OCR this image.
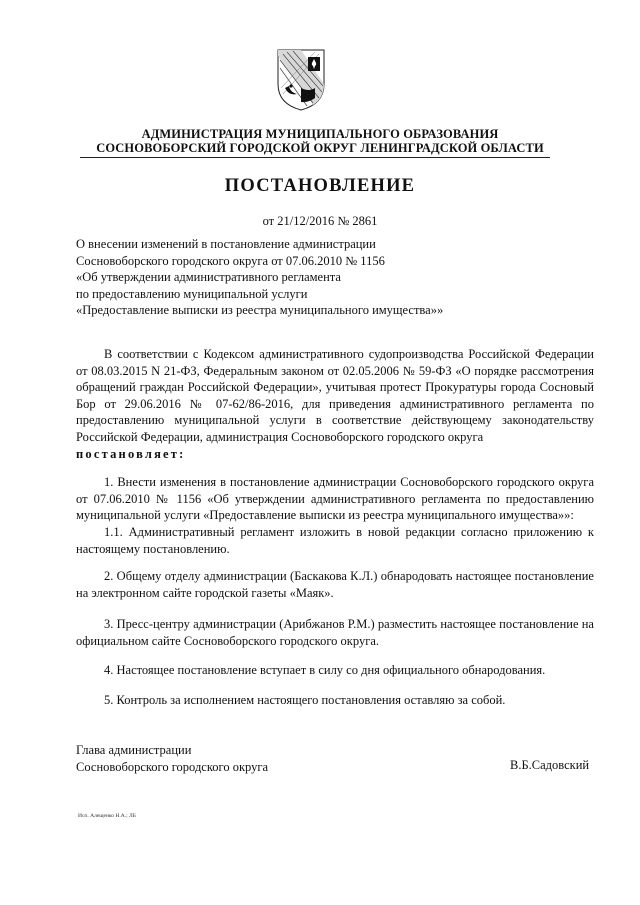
АДМИНИСТРАЦИЯ МУНИЦИПАЛЬНОГО ОБРАЗОВАНИЯ
СОСНОВОБОРСКИЙ ГОРОДСКОЙ ОКРУГ ЛЕНИНГРАДСКОЙ ОБЛАСТИ
ПОСТАНОВЛЕНИЕ
от 21/12/2016 № 2861
О внесении изменений в постановление администрации
Сосновоборского городского округа от 07.06.2010 № 1156
«Об утверждении административного регламента
по предоставлению муниципальной услуги
«Предоставление выписки из реестра муниципального имущества»»
В соответствии с Кодексом административного судопроизводства Российской Федерации от 08.03.2015 N 21-ФЗ, Федеральным законом от 02.05.2006 № 59-ФЗ «О порядке рассмотрения обращений граждан Российской Федерации», учитывая протест Прокуратуры города Сосновый Бор от 29.06.2016 № 07-62/86-2016, для приведения административного регламента по предоставлению муниципальной услуги в соответствие действующему законодательству Российской Федерации, администрация Сосновоборского городского округа
постановляет:
1. Внести изменения в постановление администрации Сосновоборского городского округа от 07.06.2010 № 1156 «Об утверждении административного регламента по предоставлению муниципальной услуги «Предоставление выписки из реестра муниципального имущества»»:
1.1. Административный регламент изложить в новой редакции согласно приложению к настоящему постановлению.
2. Общему отделу администрации (Баскакова К.Л.) обнародовать настоящее постановление на электронном сайте городской газеты «Маяк».
3. Пресс-центру администрации (Арибжанов Р.М.) разместить настоящее постановление на официальном сайте Сосновоборского городского округа.
4. Настоящее постановление вступает в силу со дня официального обнародования.
5. Контроль за исполнением настоящего постановления оставляю за собой.
Глава администрации
Сосновоборского городского округа	В.Б.Садовский
Исп. Алещенко Н.А.; ЛБ
